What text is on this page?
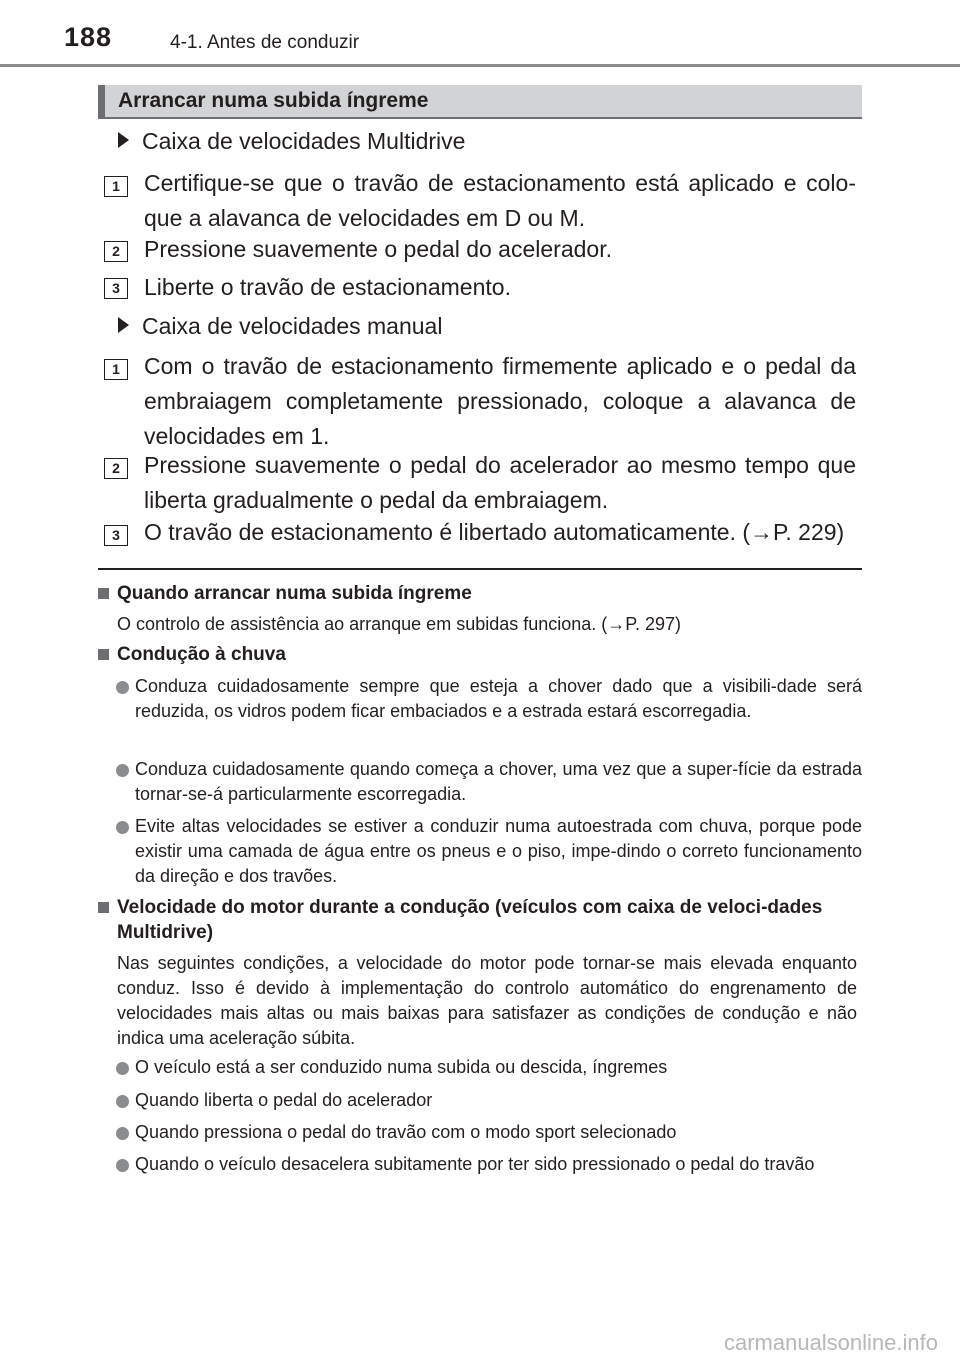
188	4-1. Antes de conduzir
Arrancar numa subida íngreme
Caixa de velocidades Multidrive
1	Certifique-se que o travão de estacionamento está aplicado e colo-que a alavanca de velocidades em D ou M.
2	Pressione suavemente o pedal do acelerador.
3	Liberte o travão de estacionamento.
Caixa de velocidades manual
1	Com o travão de estacionamento firmemente aplicado e o pedal da embraiagem completamente pressionado, coloque a alavanca de velocidades em 1.
2	Pressione suavemente o pedal do acelerador ao mesmo tempo que liberta gradualmente o pedal da embraiagem.
3	O travão de estacionamento é libertado automaticamente. (→P. 229)
Quando arrancar numa subida íngreme
O controlo de assistência ao arranque em subidas funciona. (→P. 297)
Condução à chuva
Conduza cuidadosamente sempre que esteja a chover dado que a visibili-dade será reduzida, os vidros podem ficar embaciados e a estrada estará escorregadia.
Conduza cuidadosamente quando começa a chover, uma vez que a super-fície da estrada tornar-se-á particularmente escorregadia.
Evite altas velocidades se estiver a conduzir numa autoestrada com chuva, porque pode existir uma camada de água entre os pneus e o piso, impe-dindo o correto funcionamento da direção e dos travões.
Velocidade do motor durante a condução (veículos com caixa de veloci-dades Multidrive)
Nas seguintes condições, a velocidade do motor pode tornar-se mais elevada enquanto conduz. Isso é devido à implementação do controlo automático do engrenamento de velocidades mais altas ou mais baixas para satisfazer as condições de condução e não indica uma aceleração súbita.
O veículo está a ser conduzido numa subida ou descida, íngremes
Quando liberta o pedal do acelerador
Quando pressiona o pedal do travão com o modo sport selecionado
Quando o veículo desacelera subitamente por ter sido pressionado o pedal do travão
carmanualsonline.info
